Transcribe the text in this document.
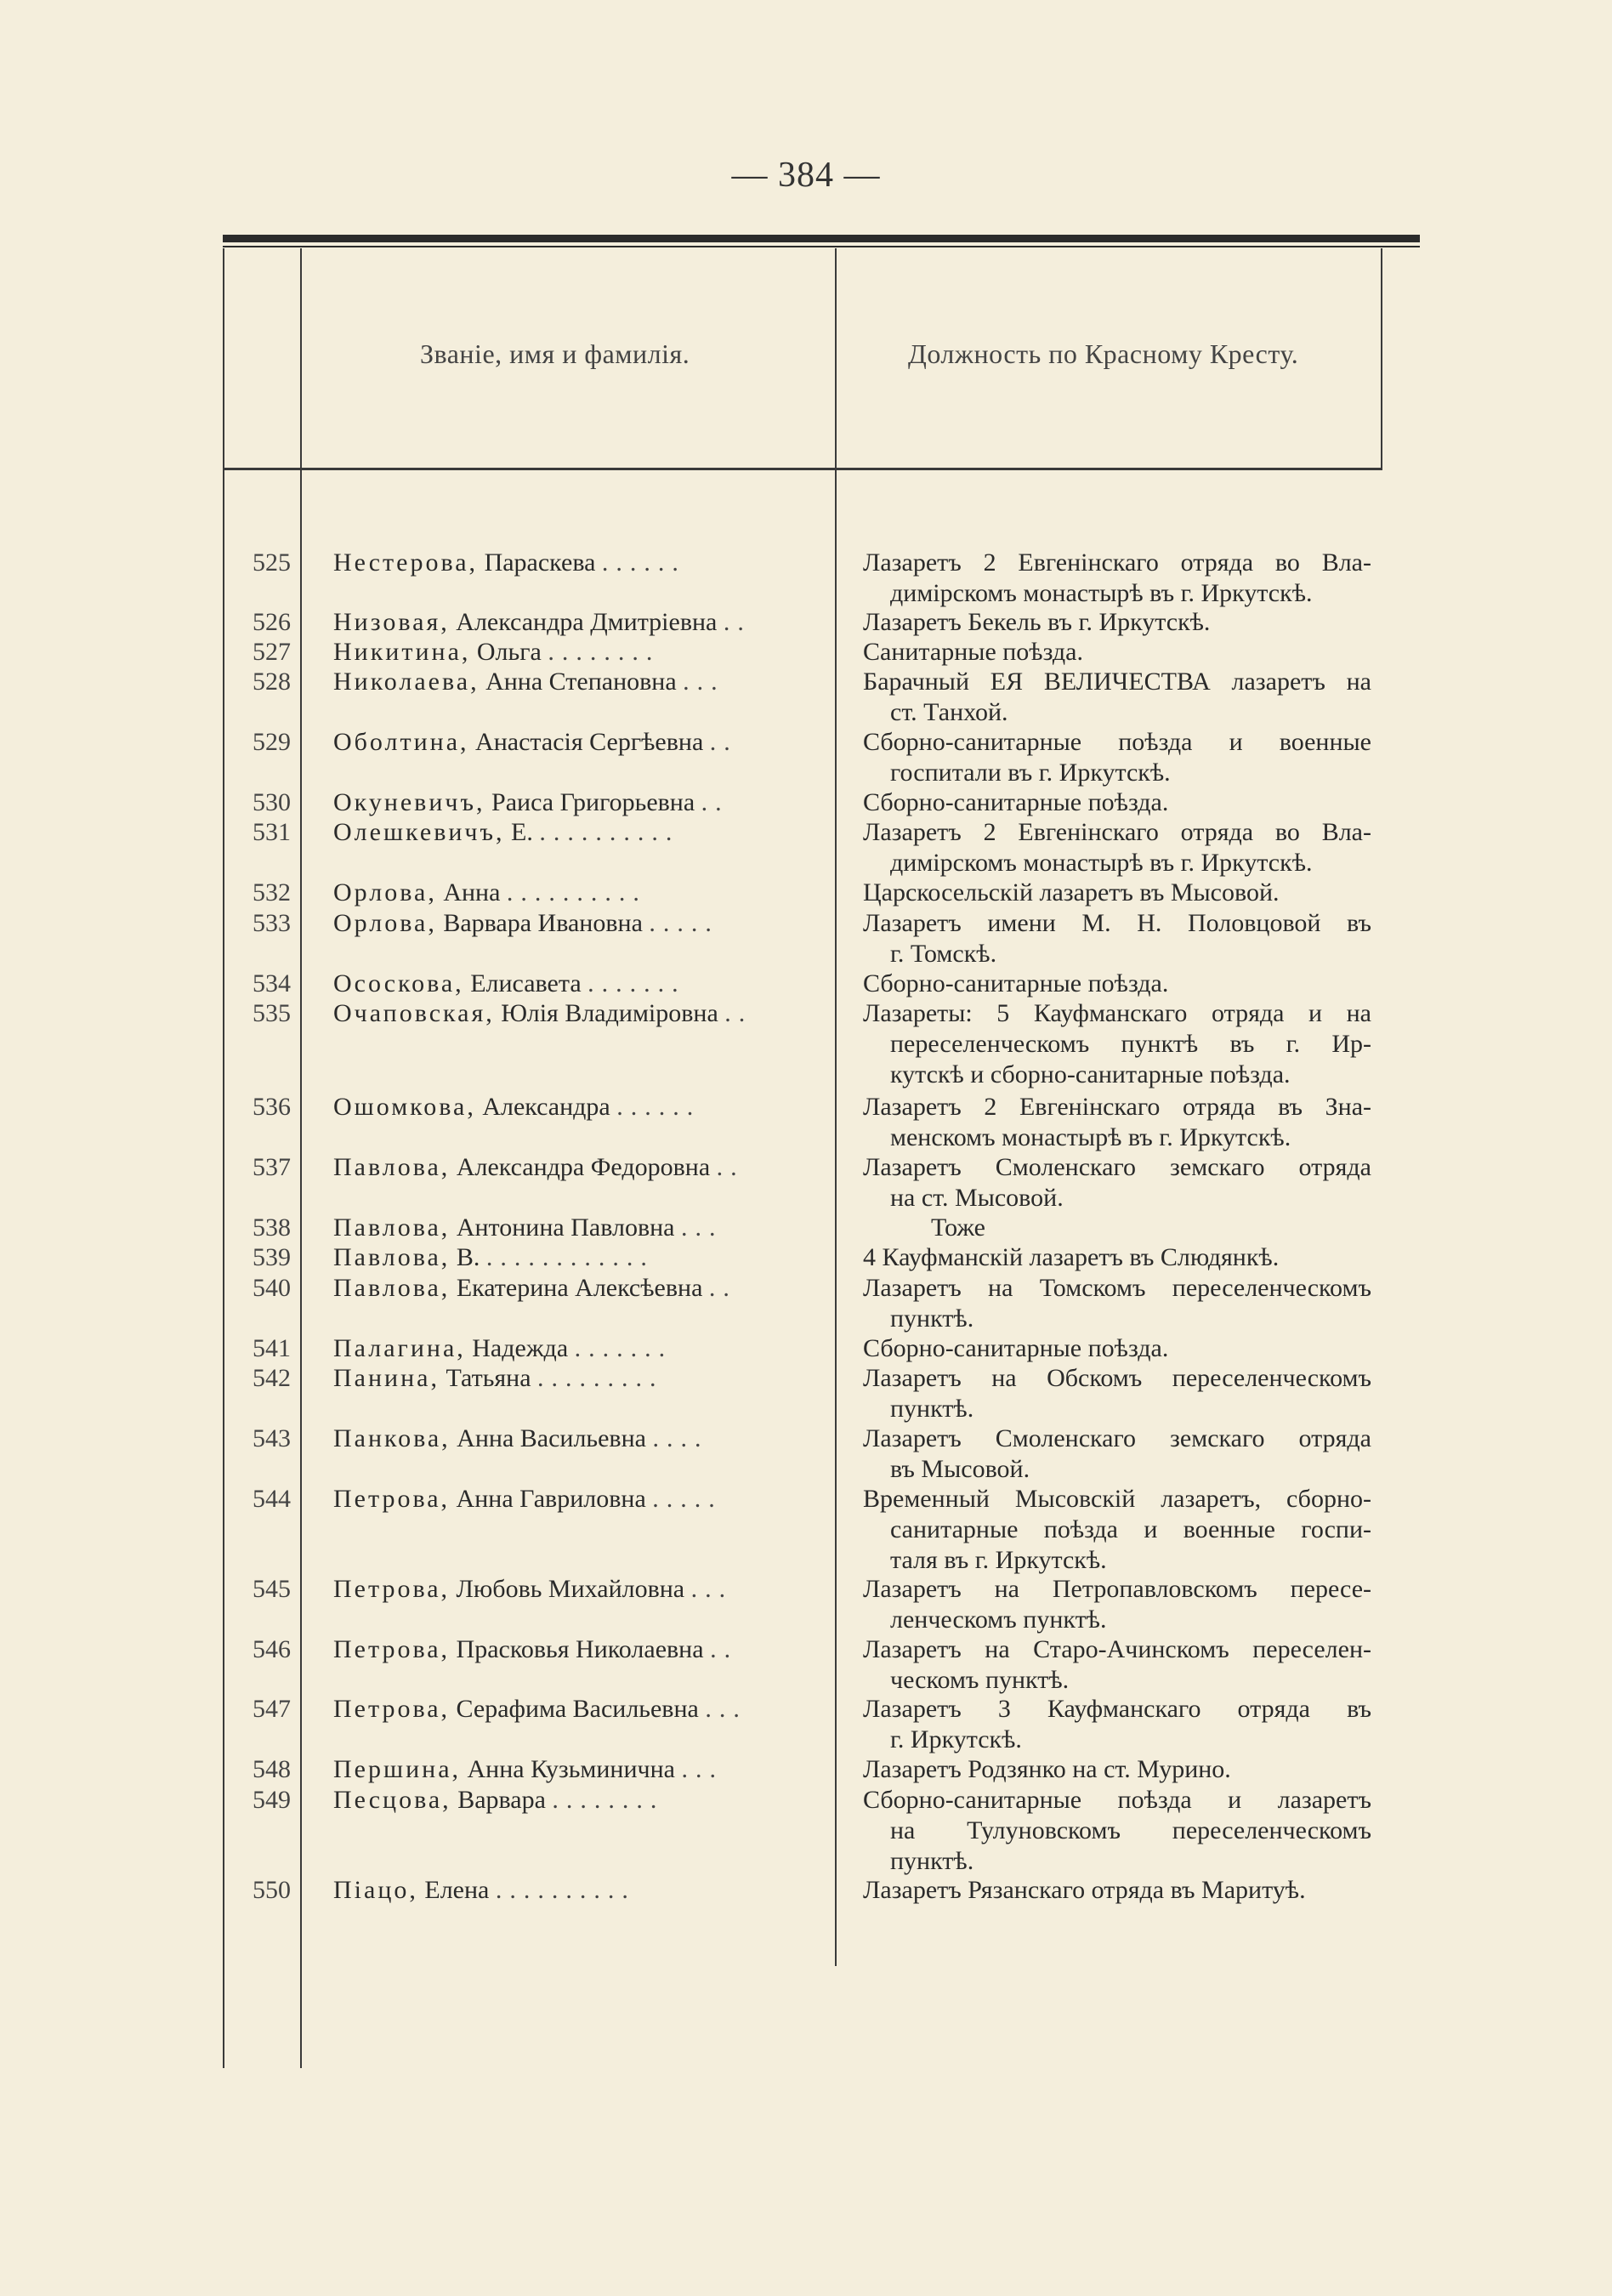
— 384 —
Званіе, имя и фамилія.	Должность по Красному Кресту.
525 Нестерова, Параскева ......	Лазаретъ 2 Евгенінскаго отряда во Вла-
димірскомъ монастырѣ въ г. Иркутскѣ.
526 Низовая, Александра Дмитріевна ..	Лазаретъ Бекель въ г. Иркутскѣ.
527 Никитина, Ольга ........	Санитарные поѣзда.
528 Николаева, Анна Степановна ...	Барачный ЕЯ ВЕЛИЧЕСТВА лазаретъ на
ст. Танхой.
529 Оболтина, Анастасія Сергѣевна ..	Сборно-санитарные поѣзда и военные
госпитали въ г. Иркутскѣ.
530 Окуневичъ, Раиса Григорьевна ..	Сборно-санитарные поѣзда.
531 Олешкевичъ, Е. ..........	Лазаретъ 2 Евгенінскаго отряда во Вла-
димірскомъ монастырѣ въ г. Иркутскѣ.
532 Орлова, Анна ..........	Царскосельскій лазаретъ въ Мысовой.
533 Орлова, Варвара Ивановна .....	Лазаретъ имени М. Н. Половцовой въ
г. Томскѣ.
534 Ососкова, Елисавета .......	Сборно-санитарные поѣзда.
535 Очаповская, Юлія Владиміровна ..	Лазареты: 5 Кауфманскаго отряда и на
переселенческомъ пунктѣ въ г. Ир-
кутскѣ и сборно-санитарные поѣзда.
536 Ошомкова, Александра ......	Лазаретъ 2 Евгенінскаго отряда въ Зна-
менскомъ монастырѣ въ г. Иркутскѣ.
537 Павлова, Александра Федоровна ..	Лазаретъ Смоленскаго земскаго отряда
на ст. Мысовой.
538 Павлова, Антонина Павловна ...	Тоже
539 Павлова, В. ............	4 Кауфманскій лазаретъ въ Слюдянкѣ.
540 Павлова, Екатерина Алексѣевна ..	Лазаретъ на Томскомъ переселенческомъ
пунктѣ.
541 Палагина, Надежда .......	Сборно-санитарные поѣзда.
542 Панина, Татьяна .........	Лазаретъ на Обскомъ переселенческомъ
пунктѣ.
543 Панкова, Анна Васильевна ....	Лазаретъ Смоленскаго земскаго отряда
въ Мысовой.
544 Петрова, Анна Гавриловна .....	Временный Мысовскій лазаретъ, сборно-
санитарные поѣзда и военные госпи-
таля въ г. Иркутскѣ.
545 Петрова, Любовь Михайловна ...	Лазаретъ на Петропавловскомъ пересе-
ленческомъ пунктѣ.
546 Петрова, Прасковья Николаевна ..	Лазаретъ на Старо-Ачинскомъ переселен-
ческомъ пунктѣ.
547 Петрова, Серафима Васильевна ...	Лазаретъ 3 Кауфманскаго отряда въ
г. Иркутскѣ.
548 Першина, Анна Кузьминична ...	Лазаретъ Родзянко на ст. Мурино.
549 Песцова, Варвара ........	Сборно-санитарные поѣзда и лазаретъ
на Тулуновскомъ переселенческомъ
пунктѣ.
550 Піацо, Елена ..........	Лазаретъ Рязанскаго отряда въ Маритуѣ.
